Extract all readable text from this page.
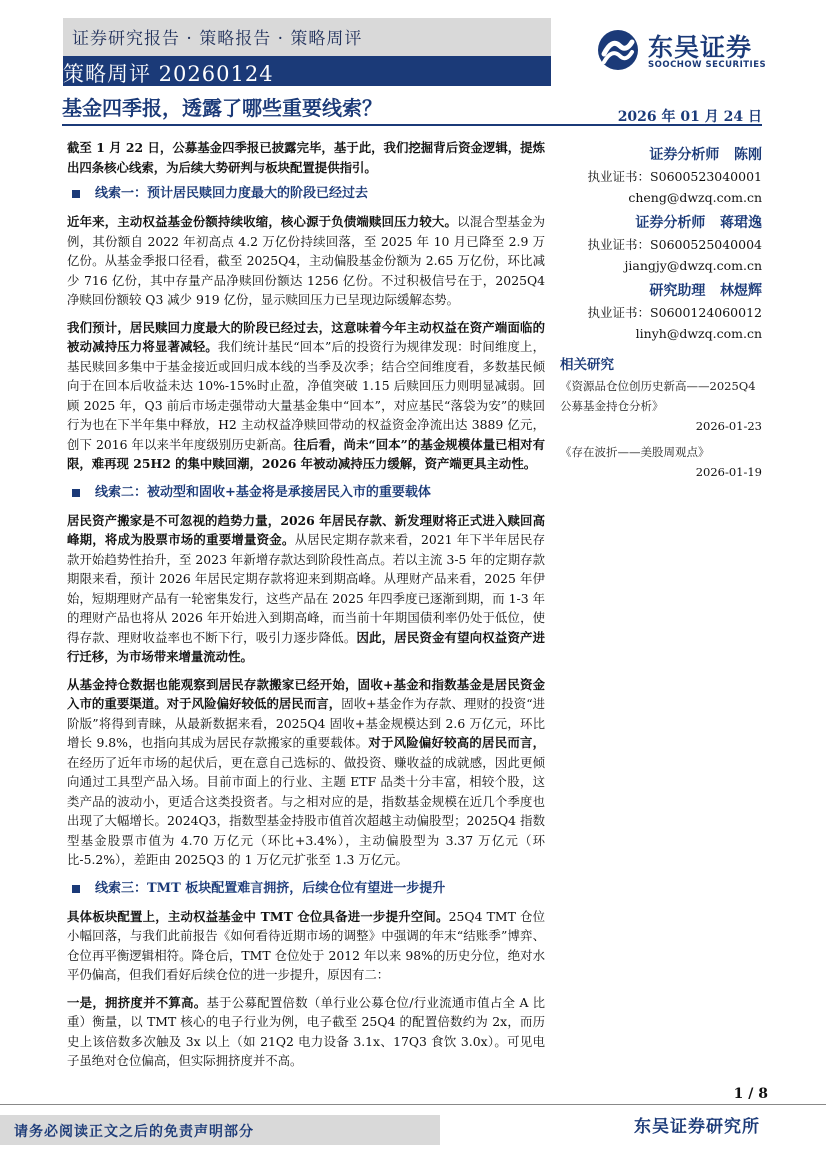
证券研究报告 · 策略报告 · 策略周评
策略周评 20260124
东吴证券
SOOCHOW SECURITIES
基金四季报，透露了哪些重要线索？	2026 年 01 月 24 日

截至 1 月 22 日，公募基金四季报已披露完毕，基于此，我们挖掘背后资金逻辑，提炼出四条核心线索，为后续大势研判与板块配置提供指引。

线索一：预计居民赎回力度最大的阶段已经过去

近年来，主动权益基金份额持续收缩，核心源于负债端赎回压力较大。以混合型基金为例，其份额自 2022 年初高点 4.2 万亿份持续回落，至 2025 年 10 月已降至 2.9 万亿份。从基金季报口径看，截至 2025Q4，主动偏股基金份额为 2.65 万亿份，环比减少 716 亿份，其中存量产品净赎回份额达 1256 亿份。不过积极信号在于，2025Q4 净赎回份额较 Q3 减少 919 亿份，显示赎回压力已呈现边际缓解态势。

我们预计，居民赎回力度最大的阶段已经过去，这意味着今年主动权益在资产端面临的被动减持压力将显著减轻。我们统计基民“回本”后的投资行为规律发现：时间维度上，基民赎回多集中于基金接近或回归成本线的当季及次季；结合空间维度看，多数基民倾向于在回本后收益未达 10%-15%时止盈，净值突破 1.15 后赎回压力则明显减弱。回顾 2025 年，Q3 前后市场走强带动大量基金集中“回本”，对应基民“落袋为安”的赎回行为也在下半年集中释放，H2 主动权益净赎回带动的权益资金净流出达 3889 亿元，创下 2016 年以来半年度级别历史新高。往后看，尚未“回本”的基金规模体量已相对有限，难再现 25H2 的集中赎回潮，2026 年被动减持压力缓解，资产端更具主动性。

线索二：被动型和固收+基金将是承接居民入市的重要载体

居民资产搬家是不可忽视的趋势力量，2026 年居民存款、新发理财将正式进入赎回高峰期，将成为股票市场的重要增量资金。从居民定期存款来看，2021 年下半年居民存款开始趋势性抬升，至 2023 年新增存款达到阶段性高点。若以主流 3-5 年的定期存款期限来看，预计 2026 年居民定期存款将迎来到期高峰。从理财产品来看，2025 年伊始，短期理财产品有一轮密集发行，这些产品在 2025 年四季度已逐渐到期，而 1-3 年的理财产品也将从 2026 年开始进入到期高峰，而当前十年期国债利率仍处于低位，使得存款、理财收益率也不断下行，吸引力逐步降低。因此，居民资金有望向权益资产进行迁移，为市场带来增量流动性。

从基金持仓数据也能观察到居民存款搬家已经开始，固收+基金和指数基金是居民资金入市的重要渠道。对于风险偏好较低的居民而言，固收+基金作为存款、理财的投资“进阶版”将得到青睐，从最新数据来看，2025Q4 固收+基金规模达到 2.6 万亿元，环比增长 9.8%，也指向其成为居民存款搬家的重要载体。对于风险偏好较高的居民而言，在经历了近年市场的起伏后，更在意自己选标的、做投资、赚收益的成就感，因此更倾向通过工具型产品入场。目前市面上的行业、主题 ETF 品类十分丰富，相较个股，这类产品的波动小，更适合这类投资者。与之相对应的是，指数基金规模在近几个季度也出现了大幅增长。2024Q3，指数型基金持股市值首次超越主动偏股型；2025Q4 指数型基金股票市值为 4.70 万亿元（环比+3.4%），主动偏股型为 3.37 万亿元（环比-5.2%），差距由 2025Q3 的 1 万亿元扩张至 1.3 万亿元。

线索三：TMT 板块配置难言拥挤，后续仓位有望进一步提升

具体板块配置上，主动权益基金中 TMT 仓位具备进一步提升空间。25Q4 TMT 仓位小幅回落，与我们此前报告《如何看待近期市场的调整》中强调的年末“结账季”博弈、仓位再平衡逻辑相符。降仓后，TMT 仓位处于 2012 年以来 98%的历史分位，绝对水平仍偏高，但我们看好后续仓位的进一步提升，原因有二：

一是，拥挤度并不算高。基于公募配置倍数（单行业公募仓位/行业流通市值占全 A 比重）衡量，以 TMT 核心的电子行业为例，电子截至 25Q4 的配置倍数约为 2x，而历史上该倍数多次触及 3x 以上（如 21Q2 电力设备 3.1x、17Q3 食饮 3.0x）。可见电子虽绝对仓位偏高，但实际拥挤度并不高。

证券分析师 陈刚
执业证书： S0600523040001
cheng@dwzq.com.cn
证券分析师 蒋珺逸
执业证书： S0600525040004
jiangjy@dwzq.com.cn
研究助理 林煜辉
执业证书： S0600124060012
linyh@dwzq.com.cn
相关研究
《资源品仓位创历史新高——2025Q4 公募基金持仓分析》
2026-01-23
《存在波折——美股周观点》
2026-01-19
1 / 8
请务必阅读正文之后的免责声明部分	东吴证券研究所
